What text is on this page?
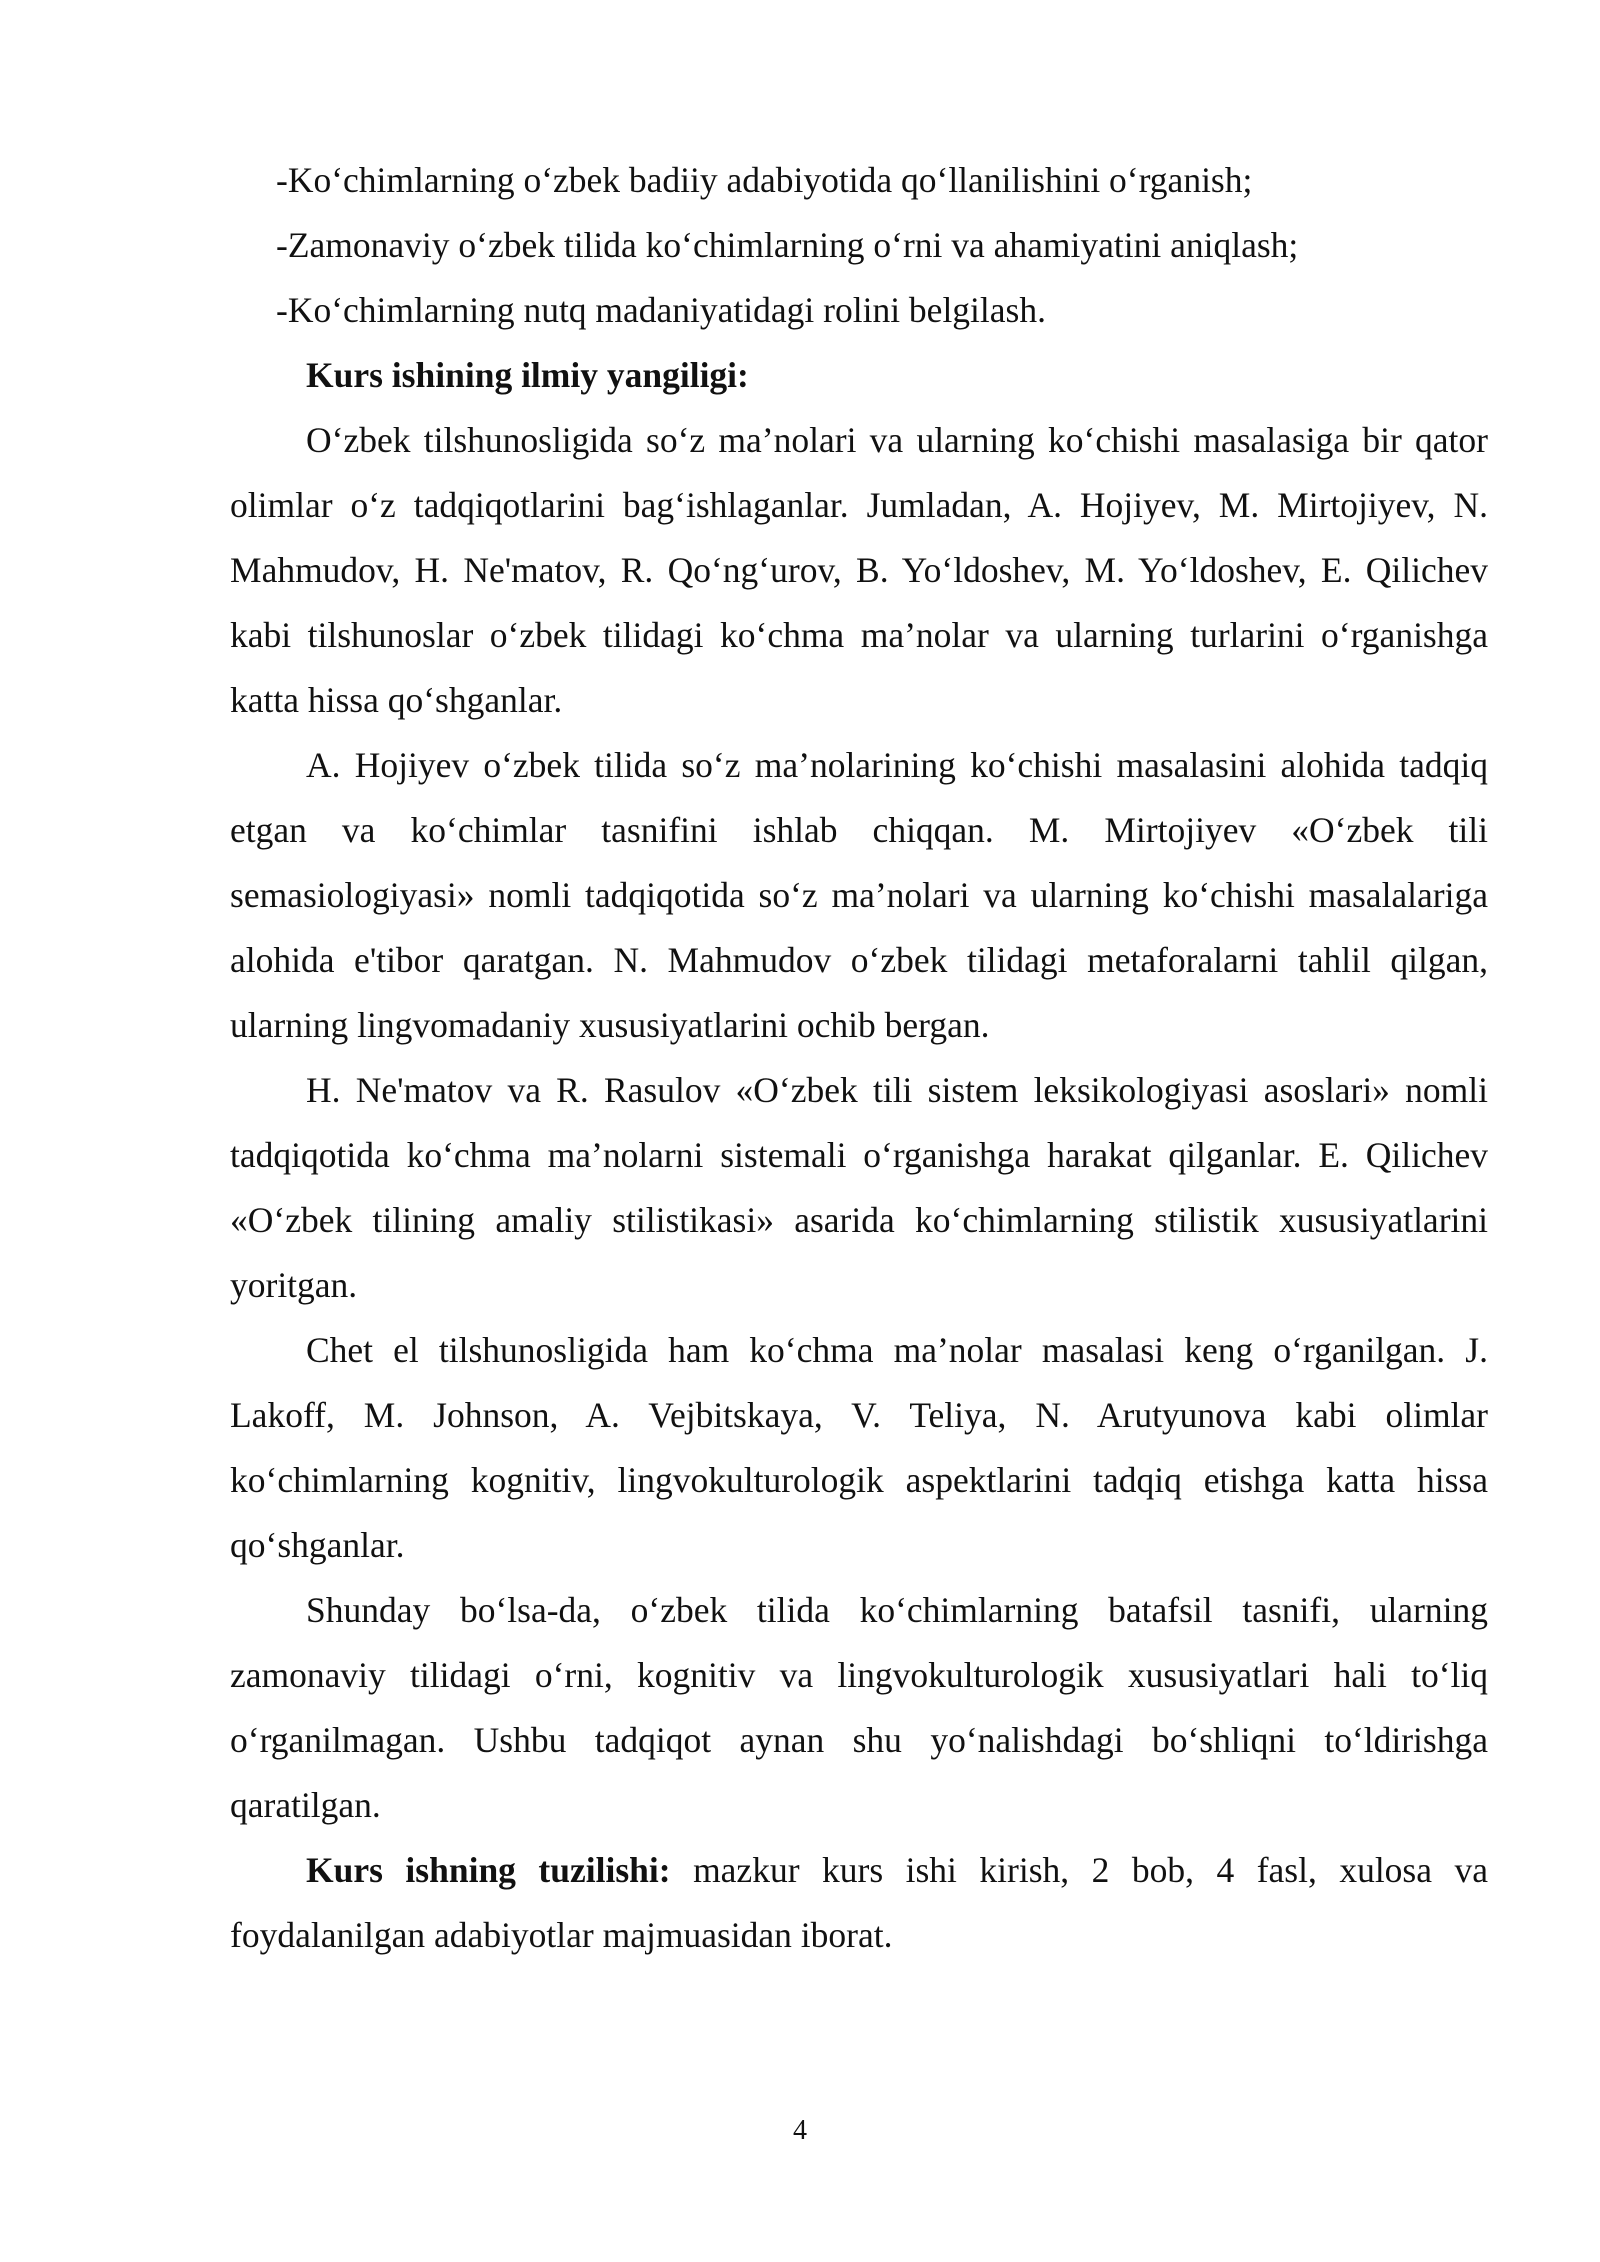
-Ko‘chimlarning o‘zbek badiiy adabiyotida qo‘llanilishini o‘rganish;

-Zamonaviy o‘zbek tilida ko‘chimlarning o‘rni va ahamiyatini aniqlash;

-Ko‘chimlarning nutq madaniyatidagi rolini belgilash.

Kurs ishining ilmiy yangiligi:

O‘zbek tilshunosligida so‘z ma’nolari va ularning ko‘chishi masalasiga bir qator olimlar o‘z tadqiqotlarini bag‘ishlaganlar. Jumladan, A. Hojiyev, M. Mirtojiyev, N. Mahmudov, H. Ne'matov, R. Qo‘ng‘urov, B. Yo‘ldoshev, M. Yo‘ldoshev, E. Qilichev kabi tilshunoslar o‘zbek tilidagi ko‘chma ma’nolar va ularning turlarini o‘rganishga katta hissa qo‘shganlar.

A. Hojiyev o‘zbek tilida so‘z ma’nolarining ko‘chishi masalasini alohida tadqiq etgan va ko‘chimlar tasnifini ishlab chiqqan. M. Mirtojiyev «O‘zbek tili semasiologiyasi» nomli tadqiqotida so‘z ma’nolari va ularning ko‘chishi masalalariga alohida e'tibor qaratgan. N. Mahmudov o‘zbek tilidagi metaforalarni tahlil qilgan, ularning lingvomadaniy xususiyatlarini ochib bergan.

H. Ne'matov va R. Rasulov «O‘zbek tili sistem leksikologiyasi asoslari» nomli tadqiqotida ko‘chma ma’nolarni sistemali o‘rganishga harakat qilganlar. E. Qilichev «O‘zbek tilining amaliy stilistikasi» asarida ko‘chimlarning stilistik xususiyatlarini yoritgan.

Chet el tilshunosligida ham ko‘chma ma’nolar masalasi keng o‘rganilgan. J. Lakoff, M. Johnson, A. Vejbitskaya, V. Teliya, N. Arutyunova kabi olimlar ko‘chimlarning kognitiv, lingvokulturologik aspektlarini tadqiq etishga katta hissa qo‘shganlar.

Shunday bo‘lsa-da, o‘zbek tilida ko‘chimlarning batafsil tasnifi, ularning zamonaviy tilidagi o‘rni, kognitiv va lingvokulturologik xususiyatlari hali to‘liq o‘rganilmagan. Ushbu tadqiqot aynan shu yo‘nalishdagi bo‘shliqni to‘ldirishga qaratilgan.

Kurs ishning tuzilishi: mazkur kurs ishi kirish, 2 bob, 4 fasl, xulosa va foydalanilgan adabiyotlar majmuasidan iborat.

4
